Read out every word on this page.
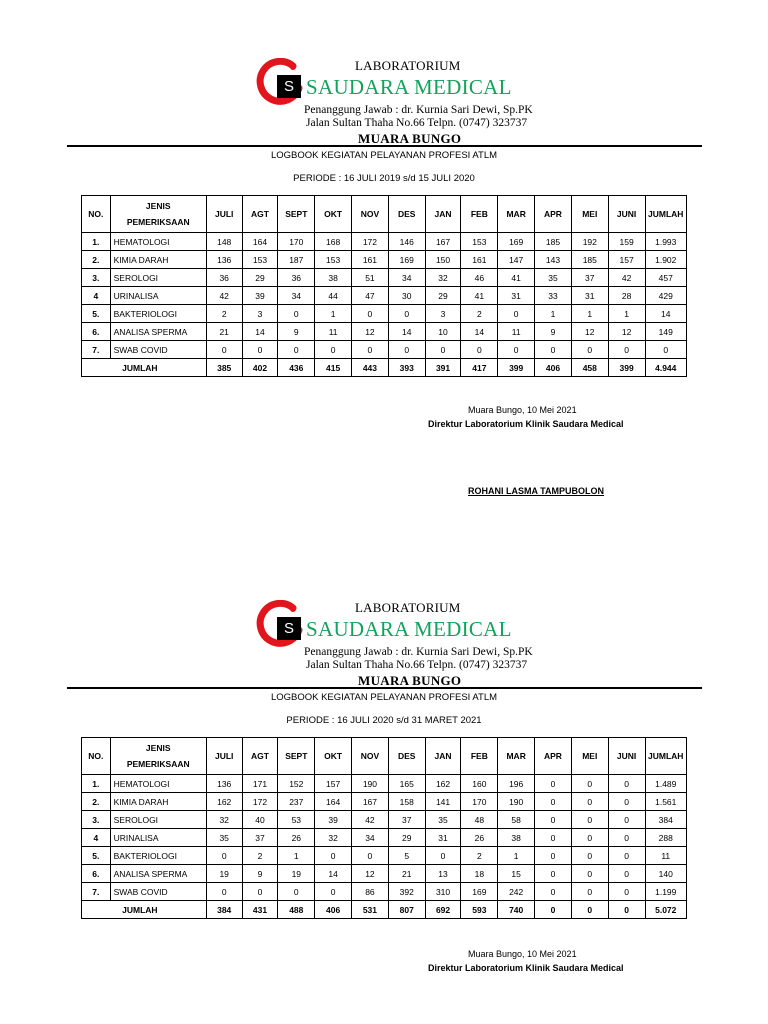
S
LABORATORIUM
SAUDARA MEDICAL
Penanggung Jawab : dr. Kurnia Sari Dewi, Sp.PK
Jalan Sultan Thaha No.66 Telpn. (0747) 323737
MUARA BUNGO
LOGBOOK KEGIATAN PELAYANAN PROFESI ATLM
PERIODE : 16 JULI 2019 s/d 15 JULI 2020
NO.	JENIS
PEMERIKSAAN	JULI	AGT	SEPT	OKT	NOV	DES	JAN	FEB	MAR	APR	MEI	JUNI	JUMLAH
1.	HEMATOLOGI	148	164	170	168	172	146	167	153	169	185	192	159	1.993
2.	KIMIA DARAH	136	153	187	153	161	169	150	161	147	143	185	157	1.902
3.	SEROLOGI	36	29	36	38	51	34	32	46	41	35	37	42	457
4	URINALISA	42	39	34	44	47	30	29	41	31	33	31	28	429
5.	BAKTERIOLOGI	2	3	0	1	0	0	3	2	0	1	1	1	14
6.	ANALISA SPERMA	21	14	9	11	12	14	10	14	11	9	12	12	149
7.	SWAB COVID	0	0	0	0	0	0	0	0	0	0	0	0	0
	JUMLAH	385	402	436	415	443	393	391	417	399	406	458	399	4.944
Muara Bungo, 10 Mei 2021
Direktur Laboratorium Klinik Saudara Medical
ROHANI LASMA TAMPUBOLON
S
LABORATORIUM
SAUDARA MEDICAL
Penanggung Jawab : dr. Kurnia Sari Dewi, Sp.PK
Jalan Sultan Thaha No.66 Telpn. (0747) 323737
MUARA BUNGO
LOGBOOK KEGIATAN PELAYANAN PROFESI ATLM
PERIODE : 16 JULI 2020 s/d 31 MARET 2021
NO.	JENIS
PEMERIKSAAN	JULI	AGT	SEPT	OKT	NOV	DES	JAN	FEB	MAR	APR	MEI	JUNI	JUMLAH
1.	HEMATOLOGI	136	171	152	157	190	165	162	160	196	0	0	0	1.489
2.	KIMIA DARAH	162	172	237	164	167	158	141	170	190	0	0	0	1.561
3.	SEROLOGI	32	40	53	39	42	37	35	48	58	0	0	0	384
4	URINALISA	35	37	26	32	34	29	31	26	38	0	0	0	288
5.	BAKTERIOLOGI	0	2	1	0	0	5	0	2	1	0	0	0	11
6.	ANALISA SPERMA	19	9	19	14	12	21	13	18	15	0	0	0	140
7.	SWAB COVID	0	0	0	0	86	392	310	169	242	0	0	0	1.199
	JUMLAH	384	431	488	406	531	807	692	593	740	0	0	0	5.072
Muara Bungo, 10 Mei 2021
Direktur Laboratorium Klinik Saudara Medical
